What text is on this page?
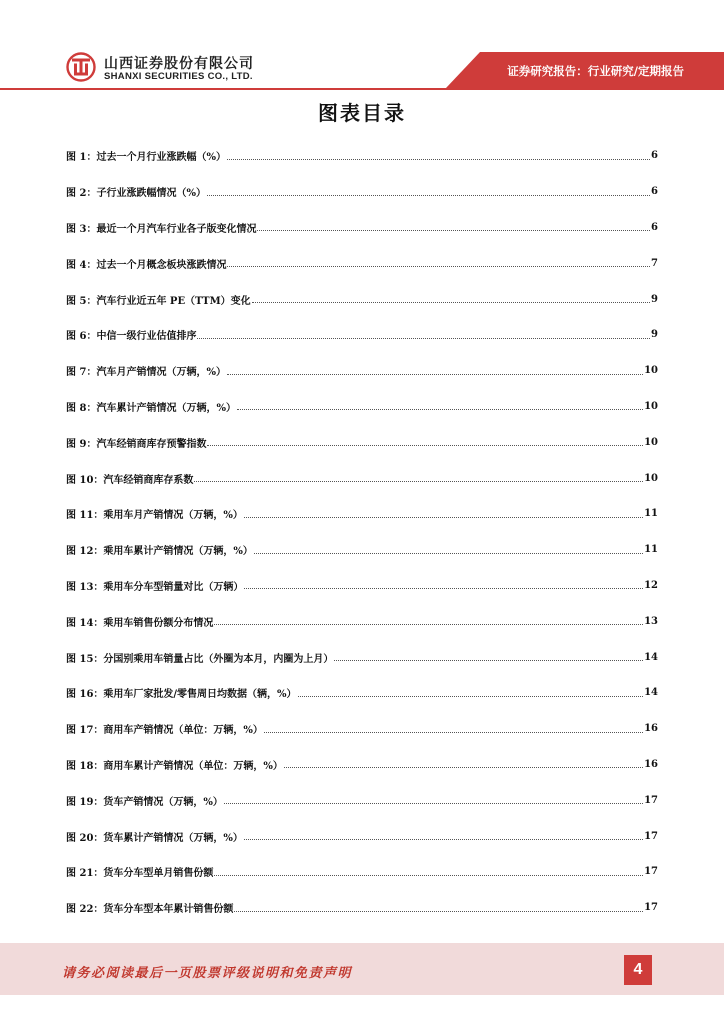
山西证券股份有限公司
SHANXI SECURITIES CO., LTD.	证券研究报告：行业研究/定期报告
图表目录
图 1：过去一个月行业涨跌幅（%）	6
图 2：子行业涨跌幅情况（%）	6
图 3：最近一个月汽车行业各子版变化情况	6
图 4：过去一个月概念板块涨跌情况	7
图 5：汽车行业近五年 PE（TTM）变化	9
图 6：中信一级行业估值排序	9
图 7：汽车月产销情况（万辆，%）	10
图 8：汽车累计产销情况（万辆，%）	10
图 9：汽车经销商库存预警指数	10
图 10：汽车经销商库存系数	10
图 11：乘用车月产销情况（万辆，%）	11
图 12：乘用车累计产销情况（万辆，%）	11
图 13：乘用车分车型销量对比（万辆）	12
图 14：乘用车销售份额分布情况	13
图 15：分国别乘用车销量占比（外圈为本月，内圈为上月）	14
图 16：乘用车厂家批发/零售周日均数据（辆，%）	14
图 17：商用车产销情况（单位：万辆，%）	16
图 18：商用车累计产销情况（单位：万辆，%）	16
图 19：货车产销情况（万辆，%）	17
图 20：货车累计产销情况（万辆，%）	17
图 21：货车分车型单月销售份额	17
图 22：货车分车型本年累计销售份额	17
请务必阅读最后一页股票评级说明和免责声明	4
